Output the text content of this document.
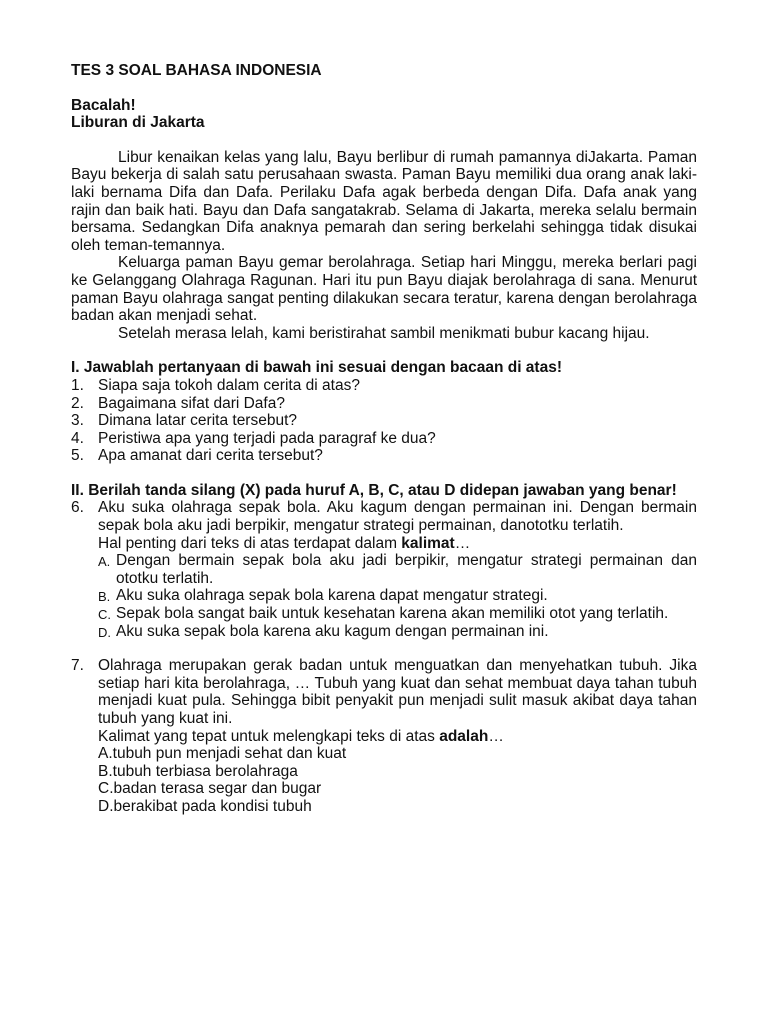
TES 3 SOAL BAHASA INDONESIA
Bacalah!
Liburan di Jakarta

Libur kenaikan kelas yang lalu, Bayu berlibur di rumah pamannya diJakarta. Paman Bayu bekerja di salah satu perusahaan swasta. Paman Bayu memiliki dua orang anak laki-laki bernama Difa dan Dafa. Perilaku Dafa agak berbeda dengan Difa. Dafa anak yang rajin dan baik hati. Bayu dan Dafa sangatakrab. Selama di Jakarta, mereka selalu bermain bersama. Sedangkan Difa anaknya pemarah dan sering berkelahi sehingga tidak disukai oleh teman-temannya.

Keluarga paman Bayu gemar berolahraga. Setiap hari Minggu, mereka berlari pagi ke Gelanggang Olahraga Ragunan. Hari itu pun Bayu diajak berolahraga di sana. Menurut paman Bayu olahraga sangat penting dilakukan secara teratur, karena dengan berolahraga badan akan menjadi sehat.

Setelah merasa lelah, kami beristirahat sambil menikmati bubur kacang hijau.

I. Jawablah pertanyaan di bawah ini sesuai dengan bacaan di atas!
1. Siapa saja tokoh dalam cerita di atas?
2. Bagaimana sifat dari Dafa?
3. Dimana latar cerita tersebut?
4. Peristiwa apa yang terjadi pada paragraf ke dua?
5. Apa amanat dari cerita tersebut?
II. Berilah tanda silang (X) pada huruf A, B, C, atau D didepan jawaban yang benar!
6. Aku suka olahraga sepak bola. Aku kagum dengan permainan ini. Dengan bermain sepak bola aku jadi berpikir, mengatur strategi permainan, danototku terlatih.
Hal penting dari teks di atas terdapat dalam kalimat…
A. Dengan bermain sepak bola aku jadi berpikir, mengatur strategi permainan dan ototku terlatih.
B. Aku suka olahraga sepak bola karena dapat mengatur strategi.
C. Sepak bola sangat baik untuk kesehatan karena akan memiliki otot yang terlatih.
D. Aku suka sepak bola karena aku kagum dengan permainan ini.
7. Olahraga merupakan gerak badan untuk menguatkan dan menyehatkan tubuh. Jika setiap hari kita berolahraga, … Tubuh yang kuat dan sehat membuat daya tahan tubuh menjadi kuat pula. Sehingga bibit penyakit pun menjadi sulit masuk akibat daya tahan tubuh yang kuat ini.
Kalimat yang tepat untuk melengkapi teks di atas adalah…
A.tubuh pun menjadi sehat dan kuat
B.tubuh terbiasa berolahraga
C.badan terasa segar dan bugar
D.berakibat pada kondisi tubuh
